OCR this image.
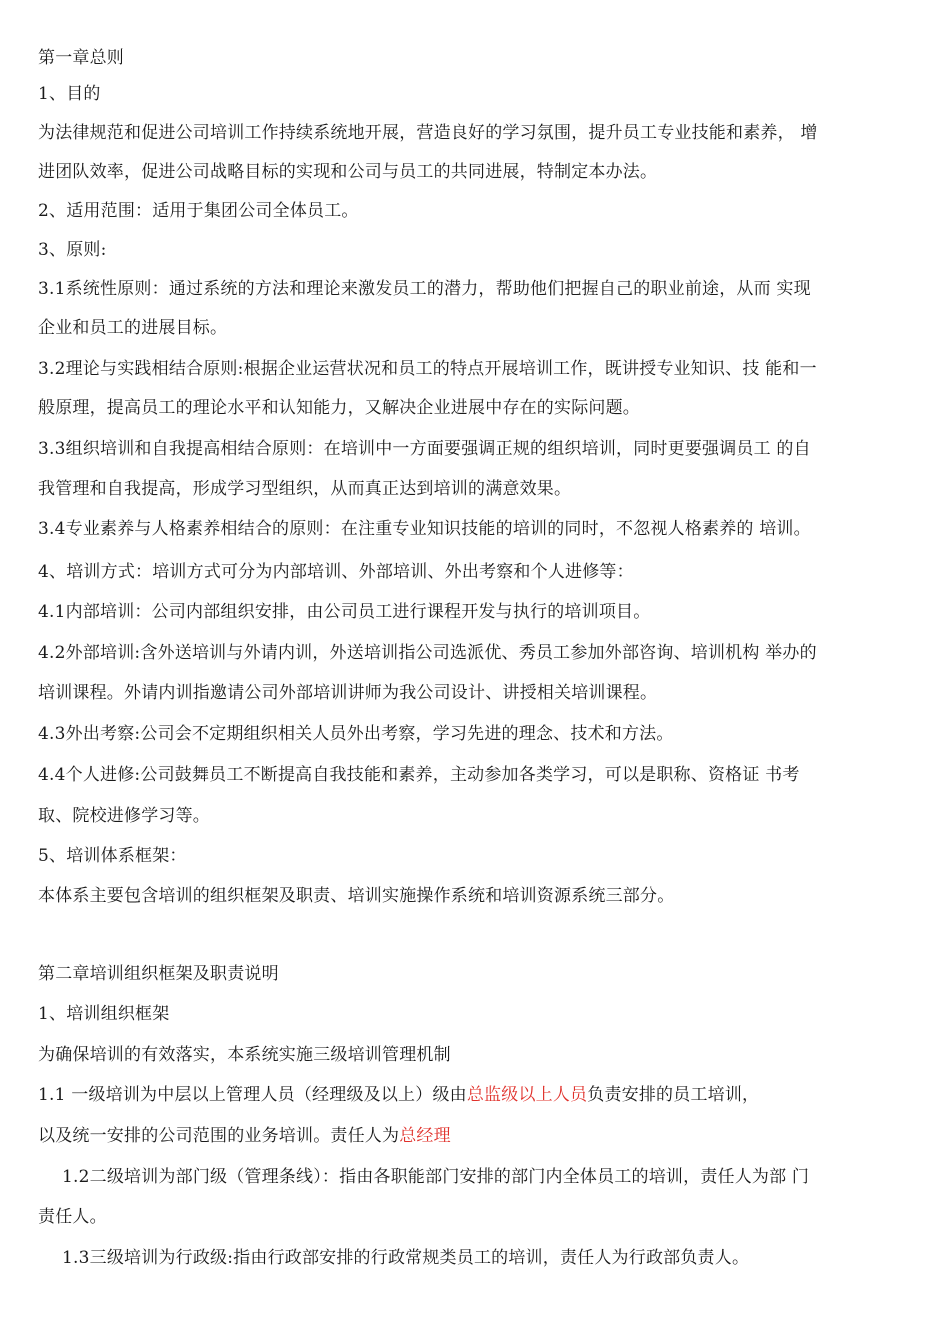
第一章总则
1、目的
为法律规范和促进公司培训工作持续系统地开展，营造良好的学习氛围，提升员工专业技能和素养， 增
进团队效率，促进公司战略目标的实现和公司与员工的共同进展，特制定本办法。
2、适用范围：适用于集团公司全体员工。
3、原则:
3.1系统性原则：通过系统的方法和理论来激发员工的潜力，帮助他们把握自己的职业前途，从而 实现
企业和员工的进展目标。
3.2理论与实践相结合原则:根据企业运营状况和员工的特点开展培训工作，既讲授专业知识、技 能和一
般原理，提高员工的理论水平和认知能力，又解决企业进展中存在的实际问题。
3.3组织培训和自我提高相结合原则：在培训中一方面要强调正规的组织培训，同时更要强调员工 的自
我管理和自我提高，形成学习型组织，从而真正达到培训的满意效果。
3.4专业素养与人格素养相结合的原则：在注重专业知识技能的培训的同时，不忽视人格素养的 培训。
4、培训方式：培训方式可分为内部培训、外部培训、外出考察和个人进修等：
4.1内部培训：公司内部组织安排，由公司员工进行课程开发与执行的培训项目。
4.2外部培训:含外送培训与外请内训，外送培训指公司选派优、秀员工参加外部咨询、培训机构 举办的
培训课程。外请内训指邀请公司外部培训讲师为我公司设计、讲授相关培训课程。
4.3外出考察:公司会不定期组织相关人员外出考察，学习先进的理念、技术和方法。
4.4个人进修:公司鼓舞员工不断提高自我技能和素养，主动参加各类学习，可以是职称、资格证 书考
取、院校进修学习等。
5、培训体系框架：
本体系主要包含培训的组织框架及职责、培训实施操作系统和培训资源系统三部分。
第二章培训组织框架及职责说明
1、培训组织框架
为确保培训的有效落实，本系统实施三级培训管理机制
1.1 一级培训为中层以上管理人员（经理级及以上）级由总监级以上人员负责安排的员工培训，
以及统一安排的公司范围的业务培训。责任人为总经理
1.2二级培训为部门级（管理条线）：指由各职能部门安排的部门内全体员工的培训，责任人为部 门
责任人。
1.3三级培训为行政级:指由行政部安排的行政常规类员工的培训，责任人为行政部负责人。
